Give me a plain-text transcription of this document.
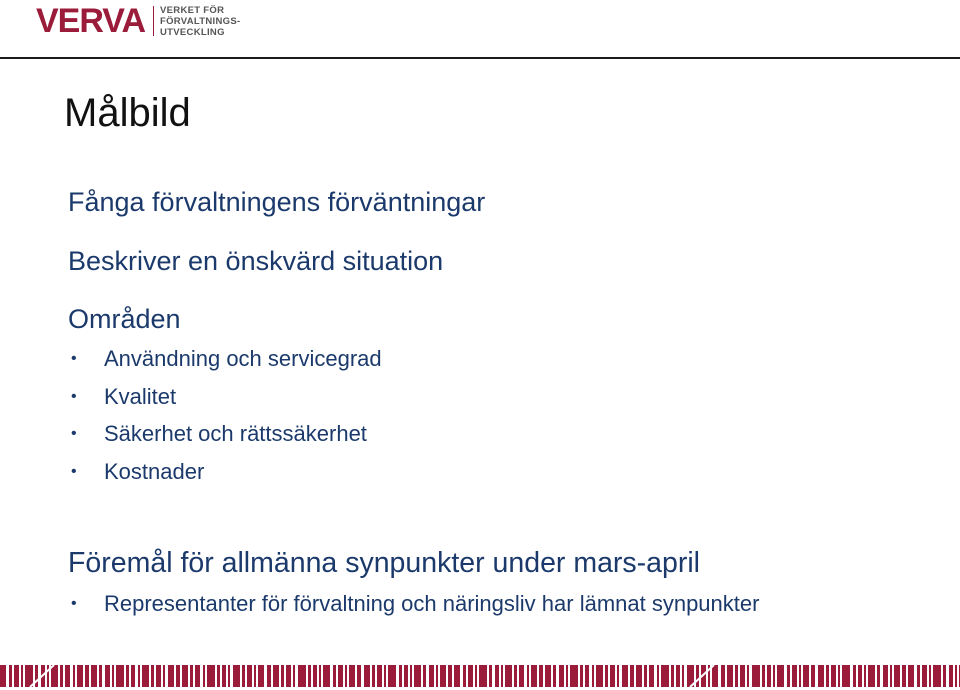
VERVA VERKET FÖR
FÖRVALTNINGS-
UTVECKLING
Målbild
Fånga förvaltningens förväntningar
Beskriver en önskvärd situation
Områden
• Användning och servicegrad
• Kvalitet
• Säkerhet och rättssäkerhet
• Kostnader
Föremål för allmänna synpunkter under mars-april
• Representanter för förvaltning och näringsliv har lämnat synpunkter
